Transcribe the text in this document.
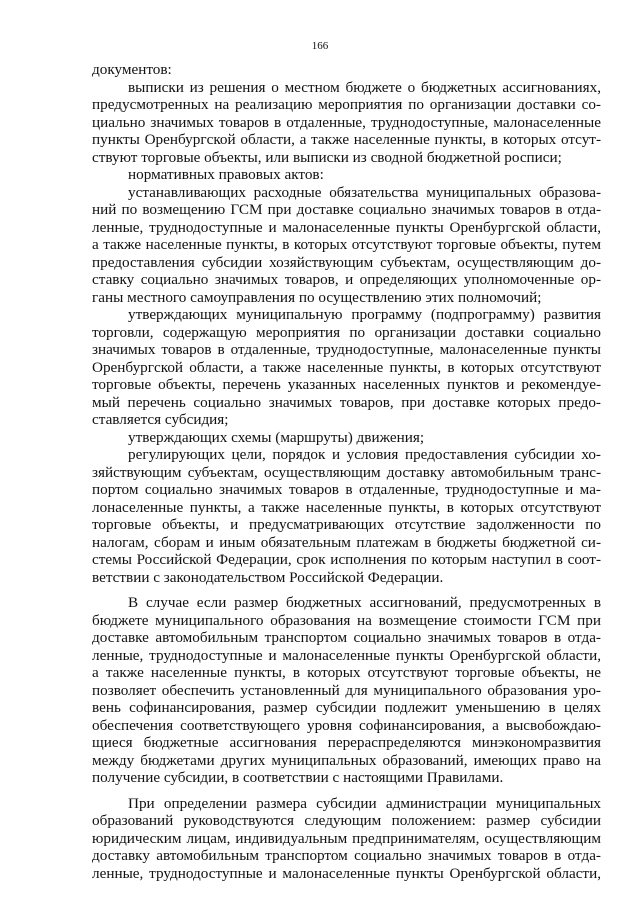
166
документов:
выписки из решения о местном бюджете о бюджетных ассигнованиях,
предусмотренных на реализацию мероприятия по организации доставки со-
циально значимых товаров в отдаленные, труднодоступные, малонаселенные
пункты Оренбургской области, а также населенные пункты, в которых отсут-
ствуют торговые объекты, или выписки из сводной бюджетной росписи;
нормативных правовых актов:
устанавливающих расходные обязательства муниципальных образова-
ний по возмещению ГСМ при доставке социально значимых товаров в отда-
ленные, труднодоступные и малонаселенные пункты Оренбургской области,
а также населенные пункты, в которых отсутствуют торговые объекты, путем
предоставления субсидии хозяйствующим субъектам, осуществляющим до-
ставку социально значимых товаров, и определяющих уполномоченные ор-
ганы местного самоуправления по осуществлению этих полномочий;
утверждающих муниципальную программу (подпрограмму) развития
торговли, содержащую мероприятия по организации доставки социально
значимых товаров в отдаленные, труднодоступные, малонаселенные пункты
Оренбургской области, а также населенные пункты, в которых отсутствуют
торговые объекты, перечень указанных населенных пунктов и рекомендуе-
мый перечень социально значимых товаров, при доставке которых предо-
ставляется субсидия;
утверждающих схемы (маршруты) движения;
регулирующих цели, порядок и условия предоставления субсидии хо-
зяйствующим субъектам, осуществляющим доставку автомобильным транс-
портом социально значимых товаров в отдаленные, труднодоступные и ма-
лонаселенные пункты, а также населенные пункты, в которых отсутствуют
торговые объекты, и предусматривающих отсутствие задолженности по
налогам, сборам и иным обязательным платежам в бюджеты бюджетной си-
стемы Российской Федерации, срок исполнения по которым наступил в соот-
ветствии с законодательством Российской Федерации.
В случае если размер бюджетных ассигнований, предусмотренных в
бюджете муниципального образования на возмещение стоимости ГСМ при
доставке автомобильным транспортом социально значимых товаров в отда-
ленные, труднодоступные и малонаселенные пункты Оренбургской области,
а также населенные пункты, в которых отсутствуют торговые объекты, не
позволяет обеспечить установленный для муниципального образования уро-
вень софинансирования, размер субсидии подлежит уменьшению в целях
обеспечения соответствующего уровня софинансирования, а высвобождаю-
щиеся бюджетные ассигнования перераспределяются минэкономразвития
между бюджетами других муниципальных образований, имеющих право на
получение субсидии, в соответствии с настоящими Правилами.
При определении размера субсидии администрации муниципальных
образований руководствуются следующим положением: размер субсидии
юридическим лицам, индивидуальным предпринимателям, осуществляющим
доставку автомобильным транспортом социально значимых товаров в отда-
ленные, труднодоступные и малонаселенные пункты Оренбургской области,
